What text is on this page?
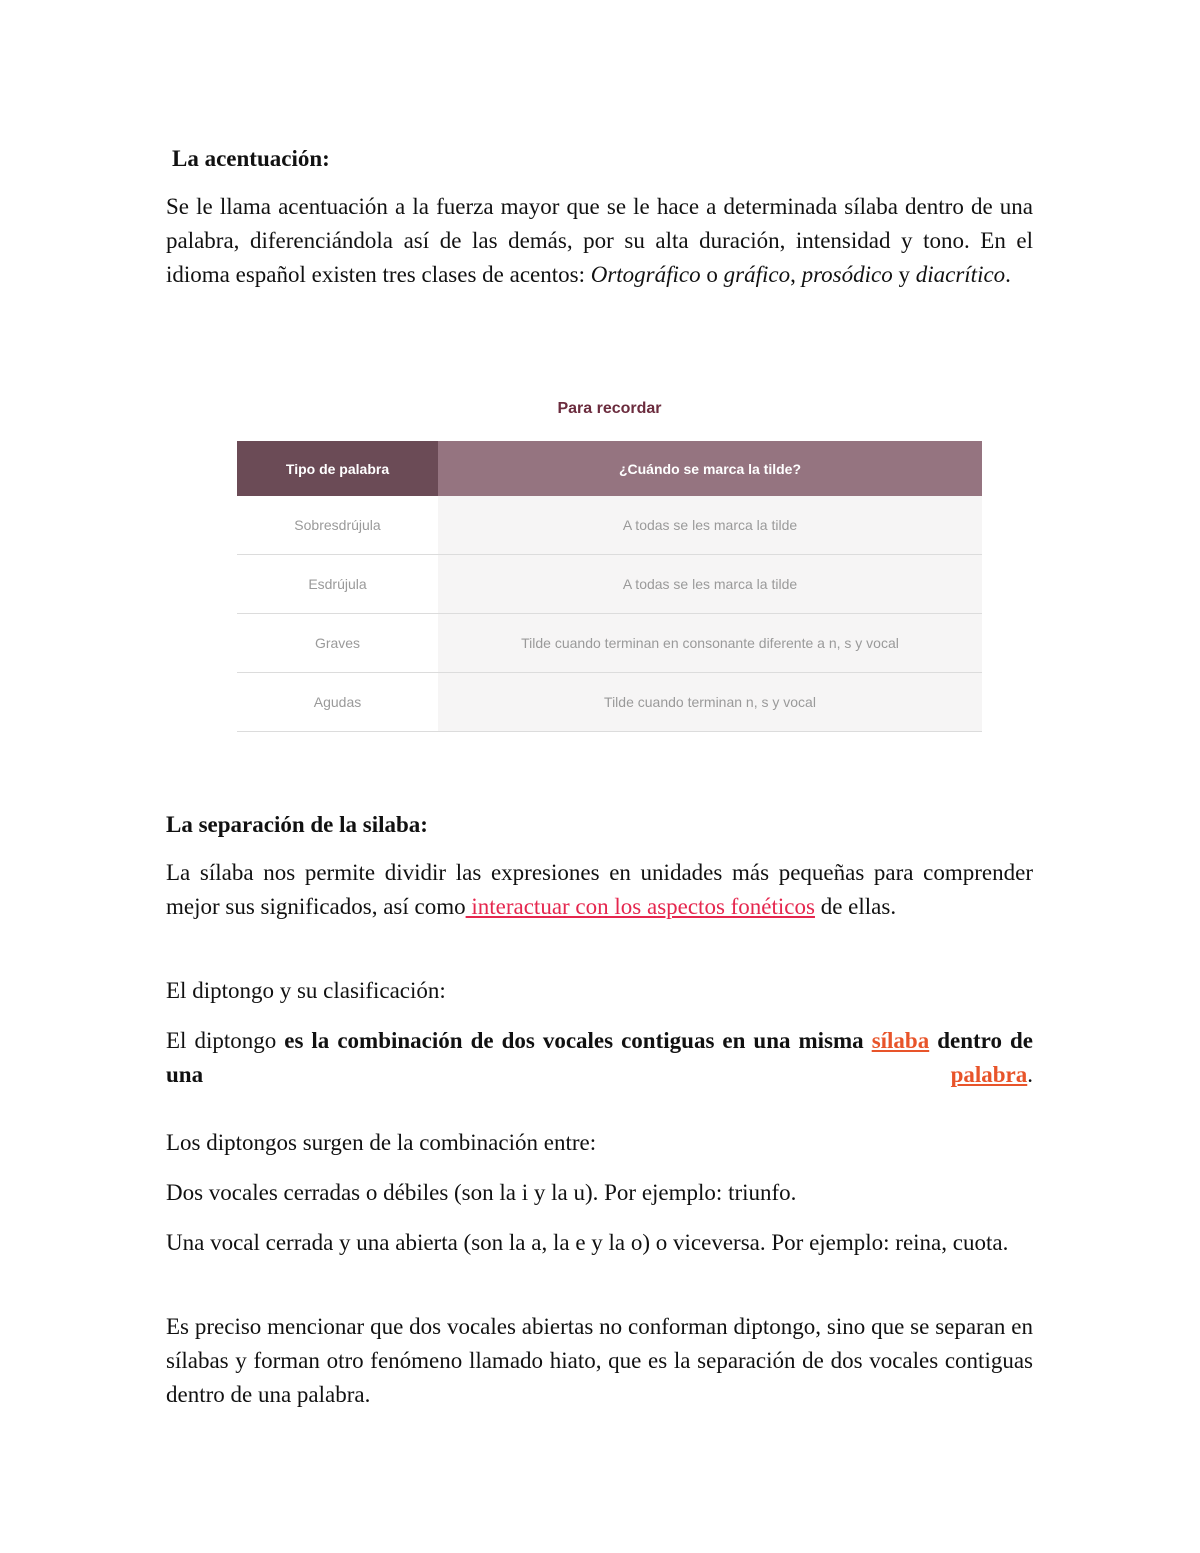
La acentuación:

Se le llama acentuación a la fuerza mayor que se le hace a determinada sílaba dentro de una palabra, diferenciándola así de las demás, por su alta duración, intensidad y tono. En el idioma español existen tres clases de acentos: Ortográfico o gráfico, prosódico y diacrítico.

Para recordar
Tipo de palabra	¿Cuándo se marca la tilde?
Sobresdrújula	A todas se les marca la tilde
Esdrújula	A todas se les marca la tilde
Graves	Tilde cuando terminan en consonante diferente a n, s y vocal
Agudas	Tilde cuando terminan n, s y vocal
La separación de la silaba:

La sílaba nos permite dividir las expresiones en unidades más pequeñas para comprender mejor sus significados, así como interactuar con los aspectos fonéticos de ellas.

El diptongo y su clasificación:

El diptongo es la combinación de dos vocales contiguas en una misma sílaba dentro de una palabra.

Los diptongos surgen de la combinación entre:

Dos vocales cerradas o débiles (son la i y la u). Por ejemplo: triunfo.

Una vocal cerrada y una abierta (son la a, la e y la o) o viceversa. Por ejemplo: reina, cuota.

Es preciso mencionar que dos vocales abiertas no conforman diptongo, sino que se separan en sílabas y forman otro fenómeno llamado hiato, que es la separación de dos vocales contiguas dentro de una palabra.
